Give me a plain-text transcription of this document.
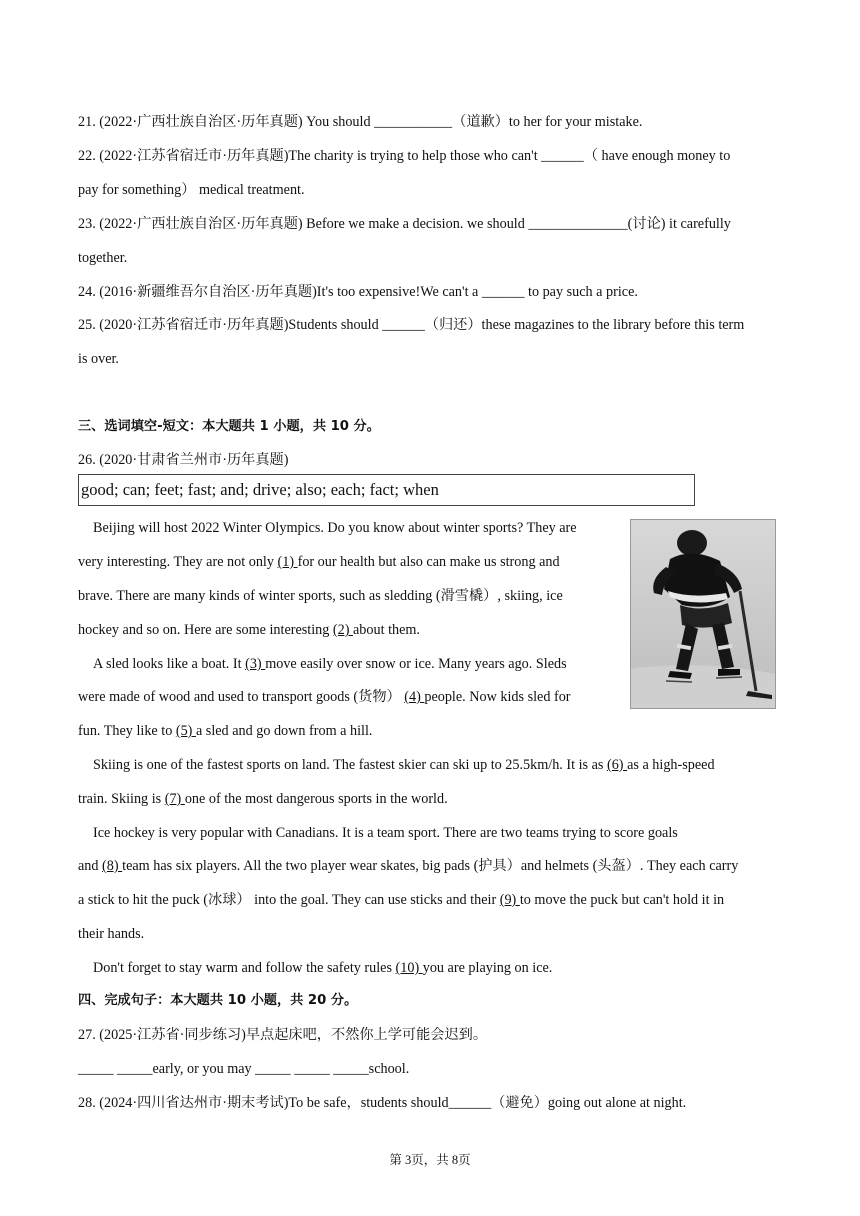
21. (2022·广西壮族自治区·历年真题) You should ___________（道歉）to her for your mistake.
22. (2022·江苏省宿迁市·历年真题)The charity is trying to help those who can't ______（ have enough money to
pay for something） medical treatment.
23. (2022·广西壮族自治区·历年真题) Before we make a decision. we should ______________(讨论) it carefully
together.
24. (2016·新疆维吾尔自治区·历年真题)It's too expensive!We can't a ______ to pay such a price.
25. (2020·江苏省宿迁市·历年真题)Students should ______（归还）these magazines to the library before this term
is over.
三、选词填空-短文：本大题共 1 小题，共 10 分。
26. (2020·甘肃省兰州市·历年真题)
good; can; feet; fast; and; drive; also; each; fact; when
Beijing will host 2022 Winter Olympics. Do you know about winter sports? They are
very interesting. They are not only (1) for our health but also can make us strong and
brave. There are many kinds of winter sports, such as sledding (滑雪橇）, skiing, ice
hockey and so on. Here are some interesting (2) about them.
A sled looks like a boat. It (3) move easily over snow or ice. Many years ago. Sleds
were made of wood and used to transport goods (货物） (4) people. Now kids sled for
fun. They like to (5) a sled and go down from a hill.
Skiing is one of the fastest sports on land. The fastest skier can ski up to 25.5km/h. It is as (6) as a high-speed
train. Skiing is (7) one of the most dangerous sports in the world.
Ice hockey is very popular with Canadians. It is a team sport. There are two teams trying to score goals
and (8) team has six players. All the two player wear skates, big pads (护具）and helmets (头盔）. They each carry
a stick to hit the puck (冰球） into the goal. They can use sticks and their (9) to move the puck but can't hold it in
their hands.
Don't forget to stay warm and follow the safety rules (10) you are playing on ice.
四、完成句子：本大题共 10 小题，共 20 分。
27. (2025·江苏省·同步练习)早点起床吧，不然你上学可能会迟到。
_____ _____early, or you may _____ _____ _____school.
28. (2024·四川省达州市·期末考试)To be safe，students should______（避免）going out alone at night.
第 3页，共 8页
